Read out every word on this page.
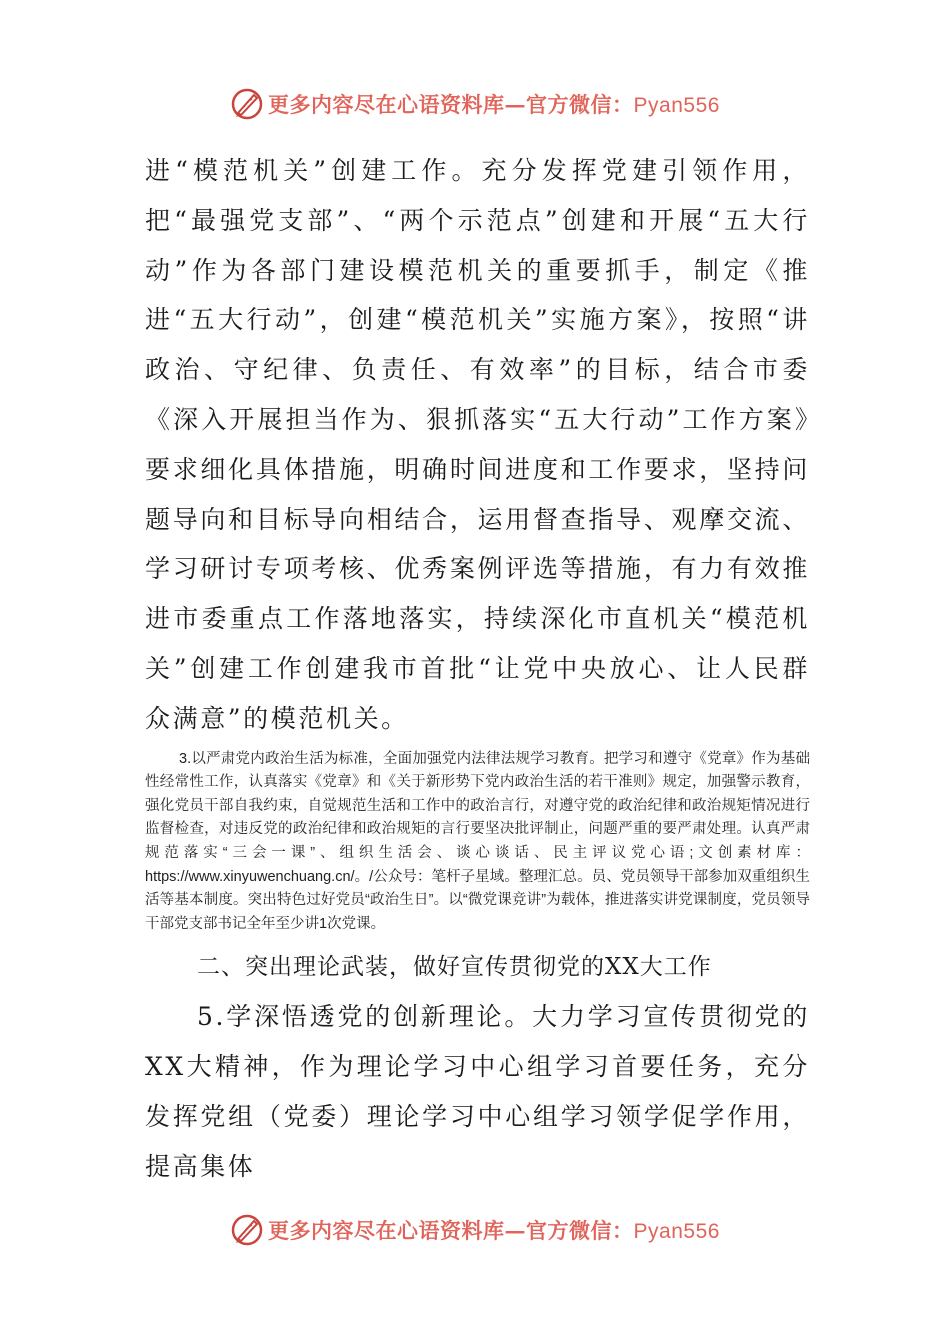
更多内容尽在心语资料库—官方微信：Pyan556

进“模范机关”创建工作。充分发挥党建引领作用，把“最强党支部”、“两个示范点”创建和开展“五大行动”作为各部门建设模范机关的重要抓手，制定《推进“五大行动”，创建“模范机关”实施方案》，按照“讲政治、守纪律、负责任、有效率”的目标，结合市委《深入开展担当作为、狠抓落实“五大行动”工作方案》要求细化具体措施，明确时间进度和工作要求，坚持问题导向和目标导向相结合，运用督查指导、观摩交流、学习研讨专项考核、优秀案例评选等措施，有力有效推进市委重点工作落地落实，持续深化市直机关“模范机关”创建工作创建我市首批“让党中央放心、让人民群众满意”的模范机关。

3.以严肃党内政治生活为标准，全面加强党内法律法规学习教育。把学习和遵守《党章》作为基础性经常性工作，认真落实《党章》和《关于新形势下党内政治生活的若干准则》规定，加强警示教育，强化党员干部自我约束，自觉规范生活和工作中的政治言行，对遵守党的政治纪律和政治规矩情况进行监督检查，对违反党的政治纪律和政治规矩的言行要坚决批评制止，问题严重的要严肃处理。认真严肃规范落实“三会一课”、组织生活会、谈心谈话、民主评议党心语;文创素材库：https://www.xinyuwenchuang.cn/。/公众号：笔杆子星域。整理汇总。员、党员领导干部参加双重组织生活等基本制度。突出特色过好党员“政治生日”。以“微党课竞讲”为载体，推进落实讲党课制度，党员领导干部党支部书记全年至少讲1次党课。

二、突出理论武装，做好宣传贯彻党的XX大工作

5.学深悟透党的创新理论。大力学习宣传贯彻党的XX大精神，作为理论学习中心组学习首要任务，充分发挥党组（党委）理论学习中心组学习领学促学作用，提高集体

更多内容尽在心语资料库—官方微信：Pyan556
